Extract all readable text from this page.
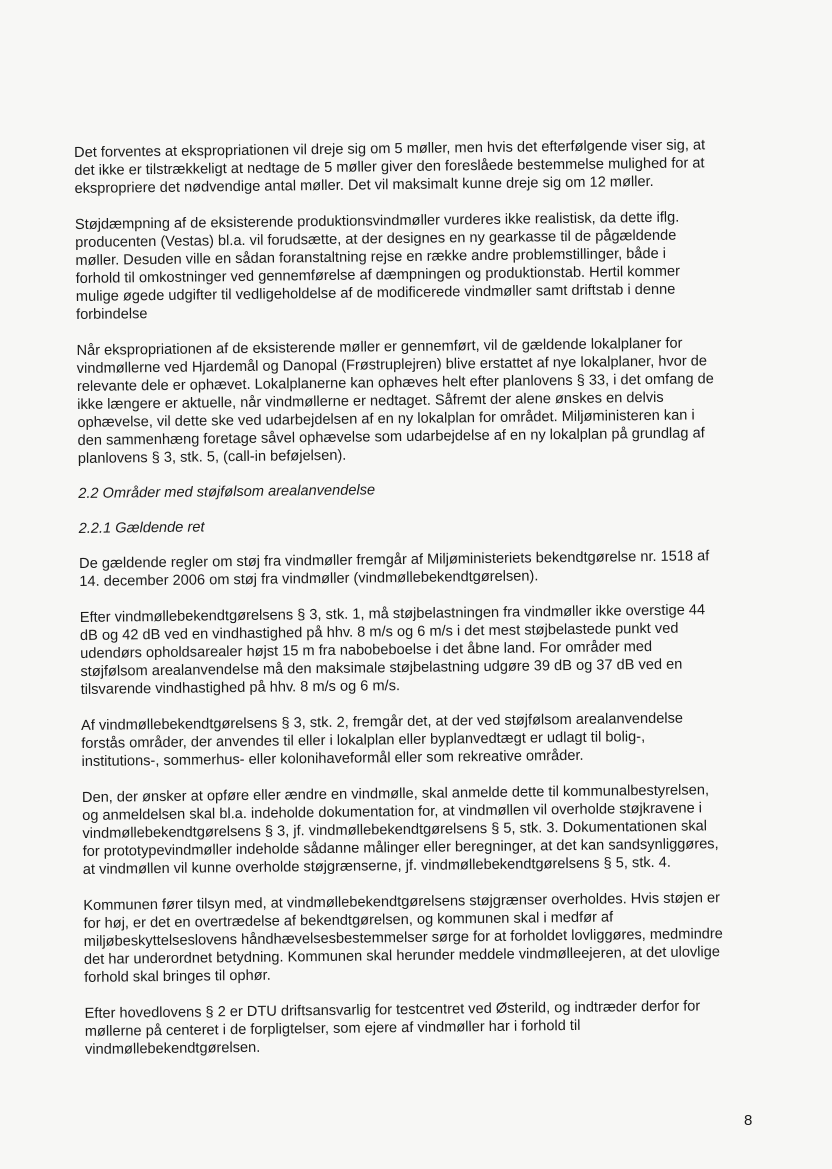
Det forventes at ekspropriationen vil dreje sig om 5 møller, men hvis det efterfølgende viser sig, at
det ikke er tilstrækkeligt at nedtage de 5 møller giver den foreslåede bestemmelse mulighed for at
ekspropriere det nødvendige antal møller. Det vil maksimalt kunne dreje sig om 12 møller.

Støjdæmpning af de eksisterende produktionsvindmøller vurderes ikke realistisk, da dette iflg.
producenten (Vestas) bl.a. vil forudsætte, at der designes en ny gearkasse til de pågældende
møller. Desuden ville en sådan foranstaltning rejse en række andre problemstillinger, både i
forhold til omkostninger ved gennemførelse af dæmpningen og produktionstab. Hertil kommer
mulige øgede udgifter til vedligeholdelse af de modificerede vindmøller samt driftstab i denne
forbindelse

Når ekspropriationen af de eksisterende møller er gennemført, vil de gældende lokalplaner for
vindmøllerne ved Hjardemål og Danopal (Frøstruplejren) blive erstattet af nye lokalplaner, hvor de
relevante dele er ophævet. Lokalplanerne kan ophæves helt efter planlovens § 33, i det omfang de
ikke længere er aktuelle, når vindmøllerne er nedtaget. Såfremt der alene ønskes en delvis
ophævelse, vil dette ske ved udarbejdelsen af en ny lokalplan for området. Miljøministeren kan i
den sammenhæng foretage såvel ophævelse som udarbejdelse af en ny lokalplan på grundlag af
planlovens § 3, stk. 5, (call-in beføjelsen).

2.2 Områder med støjfølsom arealanvendelse
2.2.1 Gældende ret

De gældende regler om støj fra vindmøller fremgår af Miljøministeriets bekendtgørelse nr. 1518 af
14. december 2006 om støj fra vindmøller (vindmøllebekendtgørelsen).

Efter vindmøllebekendtgørelsens § 3, stk. 1, må støjbelastningen fra vindmøller ikke overstige 44
dB og 42 dB ved en vindhastighed på hhv. 8 m/s og 6 m/s i det mest støjbelastede punkt ved
udendørs opholdsarealer højst 15 m fra nabobeboelse i det åbne land. For områder med
støjfølsom arealanvendelse må den maksimale støjbelastning udgøre 39 dB og 37 dB ved en
tilsvarende vindhastighed på hhv. 8 m/s og 6 m/s.

Af vindmøllebekendtgørelsens § 3, stk. 2, fremgår det, at der ved støjfølsom arealanvendelse
forstås områder, der anvendes til eller i lokalplan eller byplanvedtægt er udlagt til bolig-,
institutions-, sommerhus- eller kolonihaveformål eller som rekreative områder.

Den, der ønsker at opføre eller ændre en vindmølle, skal anmelde dette til kommunalbestyrelsen,
og anmeldelsen skal bl.a. indeholde dokumentation for, at vindmøllen vil overholde støjkravene i
vindmøllebekendtgørelsens § 3, jf. vindmøllebekendtgørelsens § 5, stk. 3. Dokumentationen skal
for prototypevindmøller indeholde sådanne målinger eller beregninger, at det kan sandsynliggøres,
at vindmøllen vil kunne overholde støjgrænserne, jf. vindmøllebekendtgørelsens § 5, stk. 4.

Kommunen fører tilsyn med, at vindmøllebekendtgørelsens støjgrænser overholdes. Hvis støjen er
for høj, er det en overtrædelse af bekendtgørelsen, og kommunen skal i medfør af
miljøbeskyttelseslovens håndhævelsesbestemmelser sørge for at forholdet lovliggøres, medmindre
det har underordnet betydning. Kommunen skal herunder meddele vindmølleejeren, at det ulovlige
forhold skal bringes til ophør.

Efter hovedlovens § 2 er DTU driftsansvarlig for testcentret ved Østerild, og indtræder derfor for
møllerne på centeret i de forpligtelser, som ejere af vindmøller har i forhold til
vindmøllebekendtgørelsen.

8
